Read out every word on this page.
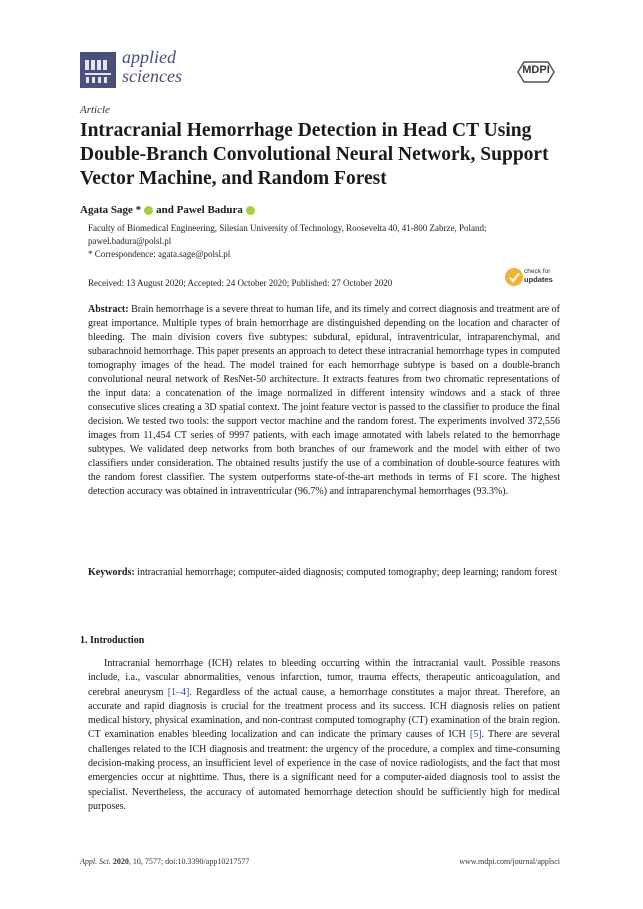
applied
sciences	MDPI
Article
Intracranial Hemorrhage Detection in Head CT Using Double-Branch Convolutional Neural Network, Support Vector Machine, and Random Forest
Agata Sage * and Pawel Badura
Faculty of Biomedical Engineering, Silesian University of Technology, Roosevelta 40, 41-800 Zabrze, Poland; pawel.badura@polsl.pl
* Correspondence: agata.sage@polsl.pl
Received: 13 August 2020; Accepted: 24 October 2020; Published: 27 October 2020
check for
updates
Abstract: Brain hemorrhage is a severe threat to human life, and its timely and correct diagnosis and treatment are of great importance. Multiple types of brain hemorrhage are distinguished depending on the location and character of bleeding. The main division covers five subtypes: subdural, epidural, intraventricular, intraparenchymal, and subarachnoid hemorrhage. This paper presents an approach to detect these intracranial hemorrhage types in computed tomography images of the head. The model trained for each hemorrhage subtype is based on a double-branch convolutional neural network of ResNet-50 architecture. It extracts features from two chromatic representations of the input data: a concatenation of the image normalized in different intensity windows and a stack of three consecutive slices creating a 3D spatial context. The joint feature vector is passed to the classifier to produce the final decision. We tested two tools: the support vector machine and the random forest. The experiments involved 372,556 images from 11,454 CT series of 9997 patients, with each image annotated with labels related to the hemorrhage subtypes. We validated deep networks from both branches of our framework and the model with either of two classifiers under consideration. The obtained results justify the use of a combination of double-source features with the random forest classifier. The system outperforms state-of-the-art methods in terms of F1 score. The highest detection accuracy was obtained in intraventricular (96.7%) and intraparenchymal hemorrhages (93.3%).
Keywords: intracranial hemorrhage; computer-aided diagnosis; computed tomography; deep learning; random forest
1. Introduction
Intracranial hemorrhage (ICH) relates to bleeding occurring within the intracranial vault. Possible reasons include, i.a., vascular abnormalities, venous infarction, tumor, trauma effects, therapeutic anticoagulation, and cerebral aneurysm [1–4]. Regardless of the actual cause, a hemorrhage constitutes a major threat. Therefore, an accurate and rapid diagnosis is crucial for the treatment process and its success. ICH diagnosis relies on patient medical history, physical examination, and non-contrast computed tomography (CT) examination of the brain region. CT examination enables bleeding localization and can indicate the primary causes of ICH [5]. There are several challenges related to the ICH diagnosis and treatment: the urgency of the procedure, a complex and time-consuming decision-making process, an insufficient level of experience in the case of novice radiologists, and the fact that most emergencies occur at nighttime. Thus, there is a significant need for a computer-aided diagnosis tool to assist the specialist. Nevertheless, the accuracy of automated hemorrhage detection should be sufficiently high for medical purposes.
Appl. Sci. 2020, 10, 7577; doi:10.3390/app10217577	www.mdpi.com/journal/applsci
